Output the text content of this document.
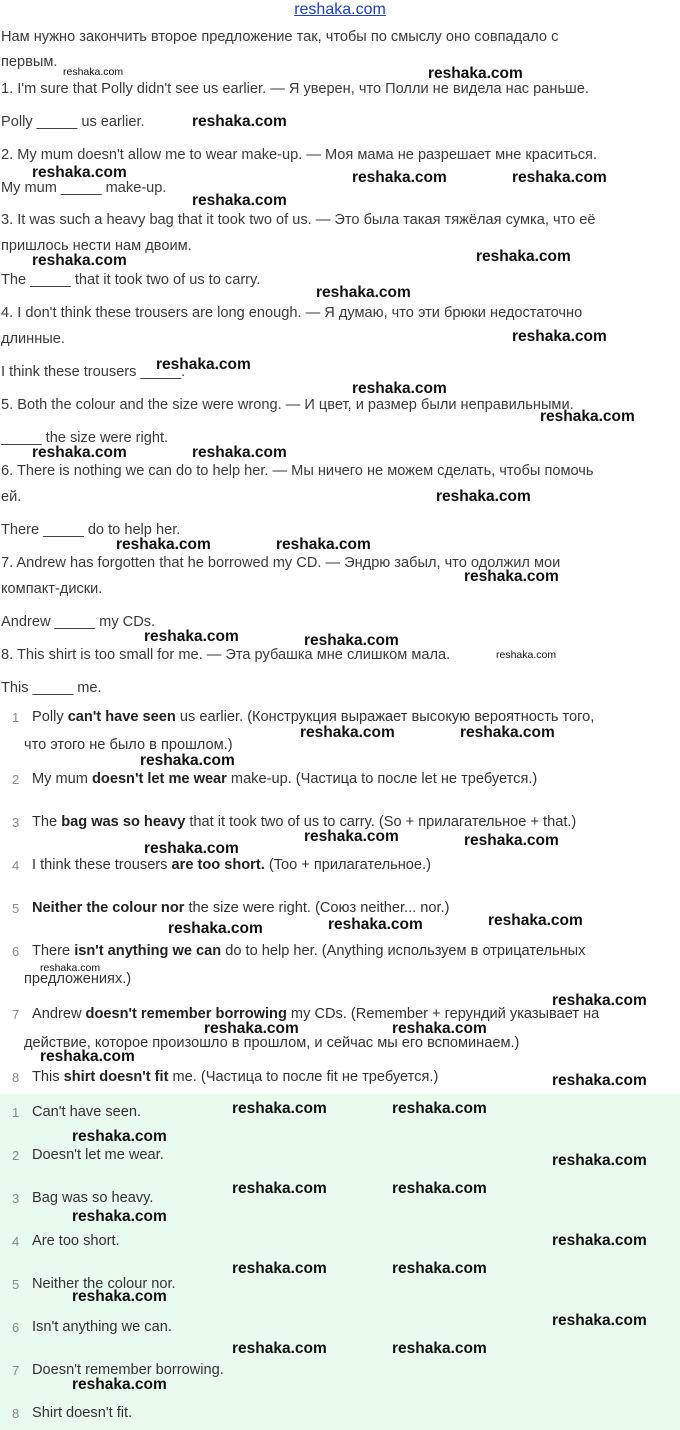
reshaka.com
Нам нужно закончить второе предложение так, чтобы по смыслу оно совпадало с
первым.
1. I'm sure that Polly didn't see us earlier. — Я уверен, что Полли не видела нас раньше.
Polly _____ us earlier.
2. My mum doesn't allow me to wear make-up. — Моя мама не разрешает мне краситься.
My mum _____ make-up.
3. It was such a heavy bag that it took two of us. — Это была такая тяжёлая сумка, что её
пришлось нести нам двоим.
The _____ that it took two of us to carry.
4. I don't think these trousers are long enough. — Я думаю, что эти брюки недостаточно
длинные.
I think these trousers _____.
5. Both the colour and the size were wrong. — И цвет, и размер были неправильными.
_____ the size were right.
6. There is nothing we can do to help her. — Мы ничего не можем сделать, чтобы помочь
ей.
There _____ do to help her.
7. Andrew has forgotten that he borrowed my CD. — Эндрю забыл, что одолжил мои
компакт-диски.
Andrew _____ my CDs.
8. This shirt is too small for me. — Эта рубашка мне слишком мала.
This _____ me.
1 Polly can't have seen us earlier. (Конструкция выражает высокую вероятность того,
что этого не было в прошлом.)
2 My mum doesn't let me wear make-up. (Частица to после let не требуется.)
3 The bag was so heavy that it took two of us to carry. (So + прилагательное + that.)
4 I think these trousers are too short. (Too + прилагательное.)
5 Neither the colour nor the size were right. (Союз neither... nor.)
6 There isn't anything we can do to help her. (Anything используем в отрицательных
предложениях.)
7 Andrew doesn't remember borrowing my CDs. (Remember + герундий указывает на
действие, которое произошло в прошлом, и сейчас мы его вспоминаем.)
8 This shirt doesn't fit me. (Частица to после fit не требуется.)
1 Can't have seen.
2 Doesn't let me wear.
3 Bag was so heavy.
4 Are too short.
5 Neither the colour nor.
6 Isn't anything we can.
7 Doesn't remember borrowing.
8 Shirt doesn't fit.
reshaka.com	reshaka.com
reshaka.com
reshaka.com	reshaka.com	reshaka.com
reshaka.com
reshaka.com
reshaka.com
reshaka.com
reshaka.com
reshaka.com
reshaka.com
reshaka.com
reshaka.com	reshaka.com
reshaka.com
reshaka.com	reshaka.com
reshaka.com
reshaka.com	reshaka.com
reshaka.com
reshaka.com	reshaka.com
reshaka.com
reshaka.com	reshaka.com
reshaka.com
reshaka.com
reshaka.com
reshaka.com
reshaka.com
reshaka.com
reshaka.com	reshaka.com
reshaka.com
reshaka.com
reshaka.com	reshaka.com
reshaka.com
reshaka.com
reshaka.com	reshaka.com
reshaka.com
reshaka.com
reshaka.com	reshaka.com
reshaka.com
reshaka.com
reshaka.com	reshaka.com
reshaka.com
